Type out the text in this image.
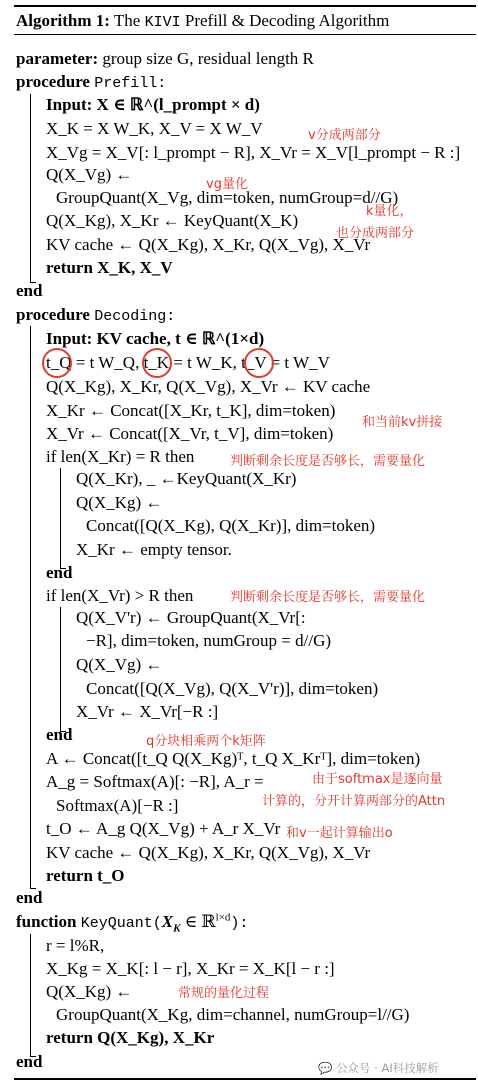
Algorithm 1: The KIVI Prefill & Decoding Algorithm
parameter: group size G, residual length R
procedure Prefill:
Input: X ∈ ℝ^(l_prompt × d)
X_K = X W_K, X_V = X W_V
X_Vg = X_V[: l_prompt − R], X_Vr = X_V[l_prompt − R :]
Q(X_Vg) ←
GroupQuant(X_Vg, dim=token, numGroup=d//G)
Q(X_Kg), X_Kr ← KeyQuant(X_K)
KV cache ← Q(X_Kg), X_Kr, Q(X_Vg), X_Vr
return X_K, X_V
end
procedure Decoding:
Input: KV cache, t ∈ ℝ^(1×d)
t_Q = t W_Q, t_K = t W_K, t_V = t W_V
Q(X_Kg), X_Kr, Q(X_Vg), X_Vr ← KV cache
X_Kr ← Concat([X_Kr, t_K], dim=token)
X_Vr ← Concat([X_Vr, t_V], dim=token)
if len(X_Kr) = R then
Q(X_Kr), _ ←KeyQuant(X_Kr)
Q(X_Kg) ←
Concat([Q(X_Kg), Q(X_Kr)], dim=token)
X_Kr ← empty tensor.
end
if len(X_Vr) > R then
Q(X_V'r) ← GroupQuant(X_Vr[:
−R], dim=token, numGroup = d//G)
Q(X_Vg) ←
Concat([Q(X_Vg), Q(X_V'r)], dim=token)
X_Vr ← X_Vr[−R :]
end
A ← Concat([t_Q Q(X_Kg)ᵀ, t_Q X_Krᵀ], dim=token)
A_g = Softmax(A)[: −R], A_r =
Softmax(A)[−R :]
t_O ← A_g Q(X_Vg) + A_r X_Vr
KV cache ← Q(X_Kg), X_Kr, Q(X_Vg), X_Vr
return t_O
end
function $KeyQuant(X_K$ ∈ ℝ$^{l\times d}$):
r = l%R,
X_Kg = X_K[: l − r], X_Kr = X_K[l − r :]
Q(X_Kg) ←
GroupQuant(X_Kg, dim=channel, numGroup=l//G)
return Q(X_Kg), X_Kr
end
v分成两部分
vg量化
k量化，
也分成两部分
和当前kv拼接
判断剩余长度是否够长，需要量化
判断剩余长度是否够长，需要量化
q分块相乘两个k矩阵
由于softmax是逐向量
计算的，分开计算两部分的Attn
和v一起计算输出o
常规的量化过程
💬 公众号 · AI科技解析
